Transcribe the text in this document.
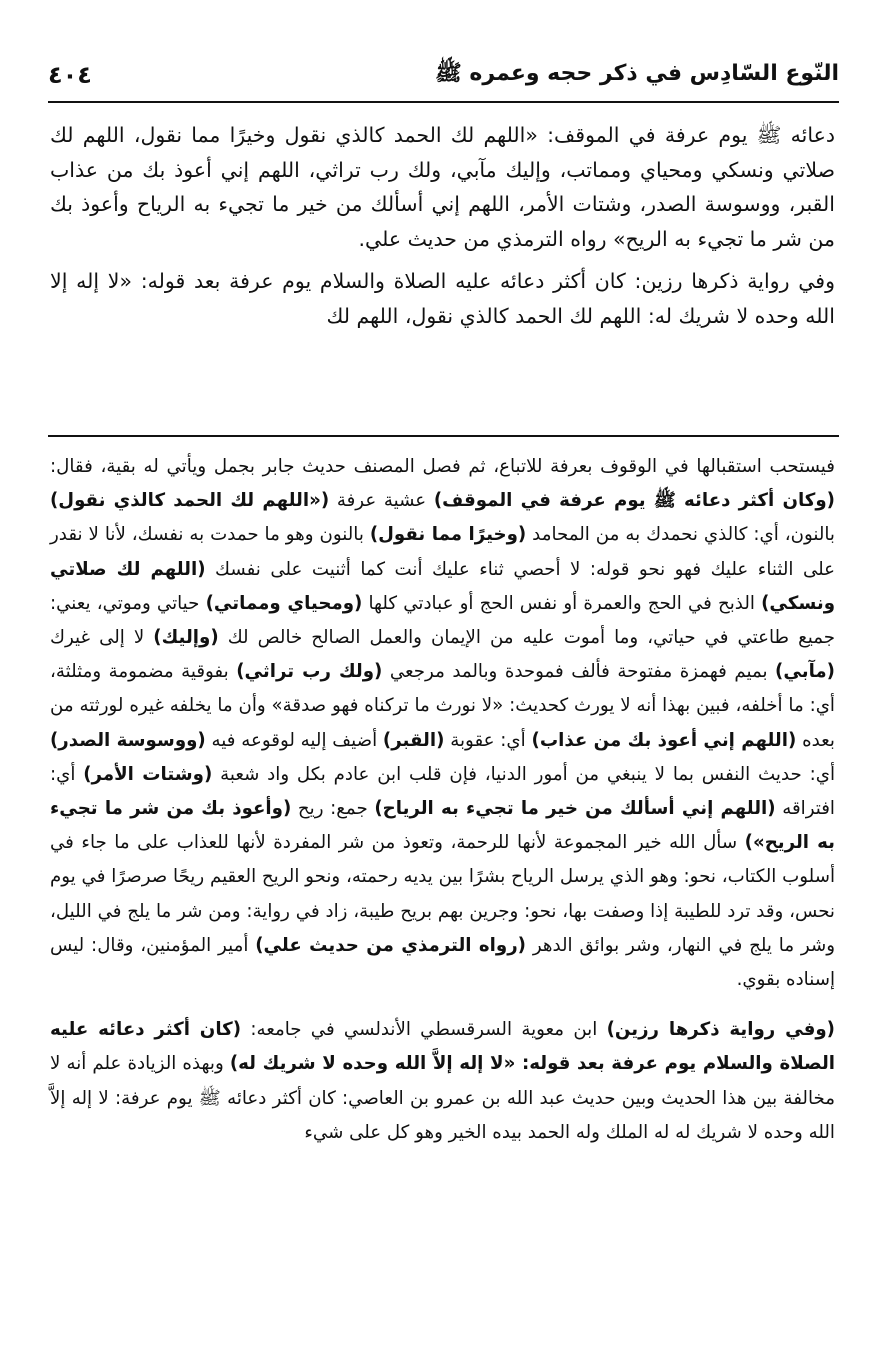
النّوع السّادِس في ذكر حجه وعمره ﷺ
٤٠٤

دعائه ﷺ يوم عرفة في الموقف: «اللهم لك الحمد كالذي نقول وخيرًا مما نقول، اللهم لك صلاتي ونسكي ومحياي ومماتب، وإليك مآبي، ولك رب تراثي، اللهم إني أعوذ بك من عذاب القبر، ووسوسة الصدر، وشتات الأمر، اللهم إني أسألك من خير ما تجيء به الرياح وأعوذ بك من شر ما تجيء به الريح» رواه الترمذي من حديث علي.

وفي رواية ذكرها رزين: كان أكثر دعائه عليه الصلاة والسلام يوم عرفة بعد قوله: «لا إله إلا الله وحده لا شريك له: اللهم لك الحمد كالذي نقول، اللهم لك

فيستحب استقبالها في الوقوف بعرفة للاتباع، ثم فصل المصنف حديث جابر بجمل ويأتي له بقية، فقال: (وكان أكثر دعائه ﷺ يوم عرفة في الموقف) عشية عرفة («اللهم لك الحمد كالذي نقول) بالنون، أي: كالذي نحمدك به من المحامد (وخيرًا مما نقول) بالنون وهو ما حمدت به نفسك، لأنا لا نقدر على الثناء عليك فهو نحو قوله: لا أحصي ثناء عليك أنت كما أثنيت على نفسك (اللهم لك صلاتي ونسكي) الذبح في الحج والعمرة أو نفس الحج أو عبادتي كلها (ومحياي ومماتي) حياتي وموتي، يعني: جميع طاعتي في حياتي، وما أموت عليه من الإيمان والعمل الصالح خالص لك (وإليك) لا إلى غيرك (مآبي) بميم فهمزة مفتوحة فألف فموحدة وبالمد مرجعي (ولك رب تراثي) بفوقية مضمومة ومثلثة، أي: ما أخلفه، فبين بهذا أنه لا يورث كحديث: «لا نورث ما تركناه فهو صدقة» وأن ما يخلفه غيره لورثته من بعده (اللهم إني أعوذ بك من عذاب) أي: عقوبة (القبر) أضيف إليه لوقوعه فيه (ووسوسة الصدر) أي: حديث النفس بما لا ينبغي من أمور الدنيا، فإن قلب ابن عادم بكل واد شعبة (وشتات الأمر) أي: افتراقه (اللهم إني أسألك من خير ما تجيء به الرياح) جمع: ريح (وأعوذ بك من شر ما تجيء به الريح») سأل الله خير المجموعة لأنها للرحمة، وتعوذ من شر المفردة لأنها للعذاب على ما جاء في أسلوب الكتاب، نحو: وهو الذي يرسل الرياح بشرًا بين يديه رحمته، ونحو الريح العقيم ريحًا صرصرًا في يوم نحس، وقد ترد للطيبة إذا وصفت بها، نحو: وجرين بهم بريح طيبة، زاد في رواية: ومن شر ما يلج في الليل، وشر ما يلج في النهار، وشر بوائق الدهر (رواه الترمذي من حديث علي) أمير المؤمنين، وقال: ليس إسناده بقوي.

(وفي رواية ذكرها رزين) ابن معوية السرقسطي الأندلسي في جامعه: (كان أكثر دعائه عليه الصلاة والسلام يوم عرفة بعد قوله: «لا إله إلاَّ الله وحده لا شريك له) وبهذه الزيادة علم أنه لا مخالفة بين هذا الحديث وبين حديث عبد الله بن عمرو بن العاصي: كان أكثر دعائه ﷺ يوم عرفة: لا إله إلاَّ الله وحده لا شريك له له الملك وله الحمد بيده الخير وهو كل على شيء
